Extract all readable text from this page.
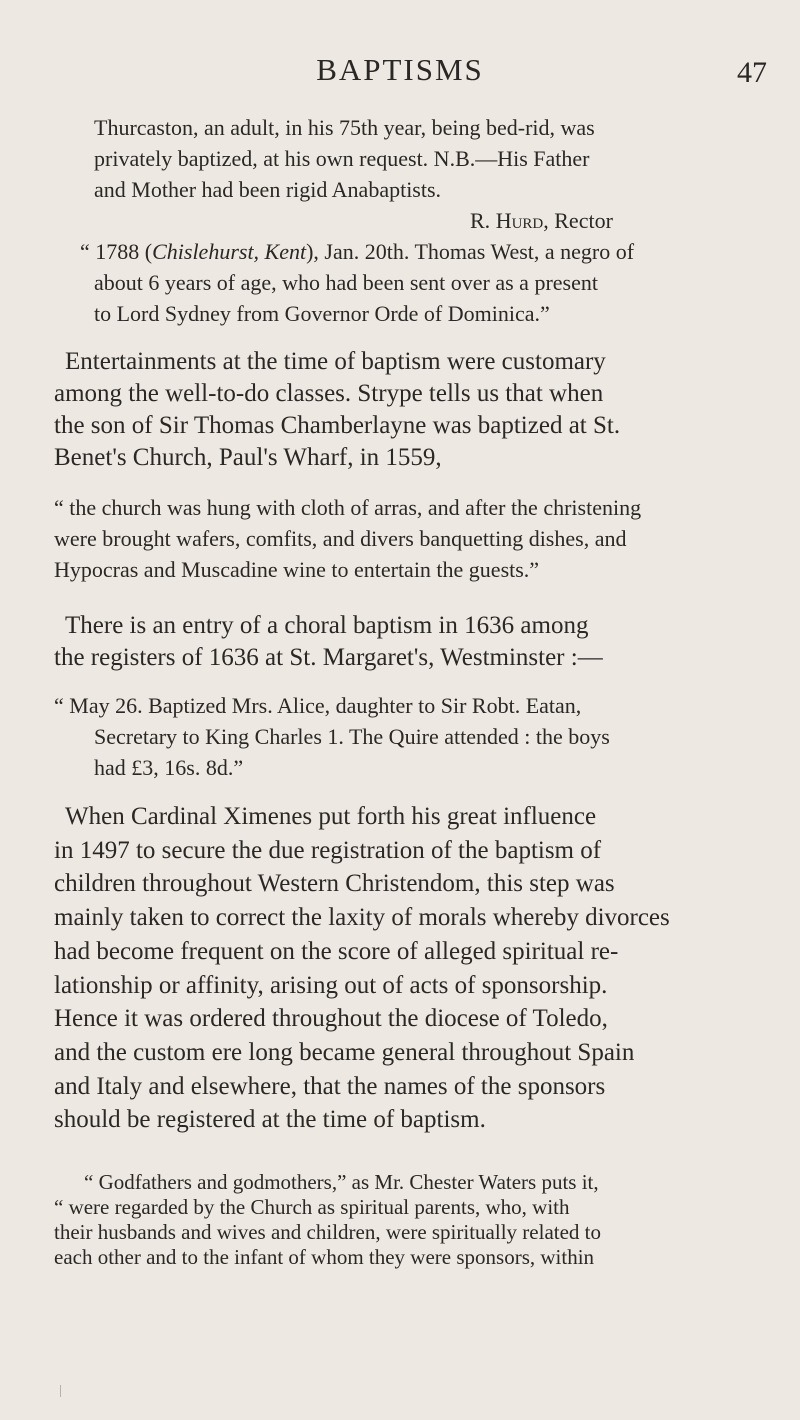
BAPTISMS	47
Thurcaston, an adult, in his 75th year, being bed-rid, was
privately baptized, at his own request. N.B.—His Father
and Mother had been rigid Anabaptists.
R. Hurd, Rector
“ 1788 (Chislehurst, Kent), Jan. 20th. Thomas West, a negro of
about 6 years of age, who had been sent over as a present
to Lord Sydney from Governor Orde of Dominica.”
Entertainments at the time of baptism were customary
among the well-to-do classes. Strype tells us that when
the son of Sir Thomas Chamberlayne was baptized at St.
Benet's Church, Paul's Wharf, in 1559,
“ the church was hung with cloth of arras, and after the christening
were brought wafers, comfits, and divers banquetting dishes, and
Hypocras and Muscadine wine to entertain the guests.”
There is an entry of a choral baptism in 1636 among
the registers of 1636 at St. Margaret's, Westminster :—
“ May 26. Baptized Mrs. Alice, daughter to Sir Robt. Eatan,
Secretary to King Charles 1. The Quire attended : the boys
had £3, 16s. 8d.”
When Cardinal Ximenes put forth his great influence
in 1497 to secure the due registration of the baptism of
children throughout Western Christendom, this step was
mainly taken to correct the laxity of morals whereby divorces
had become frequent on the score of alleged spiritual re-
lationship or affinity, arising out of acts of sponsorship.
Hence it was ordered throughout the diocese of Toledo,
and the custom ere long became general throughout Spain
and Italy and elsewhere, that the names of the sponsors
should be registered at the time of baptism.
“ Godfathers and godmothers,” as Mr. Chester Waters puts it,
“ were regarded by the Church as spiritual parents, who, with
their husbands and wives and children, were spiritually related to
each other and to the infant of whom they were sponsors, within
